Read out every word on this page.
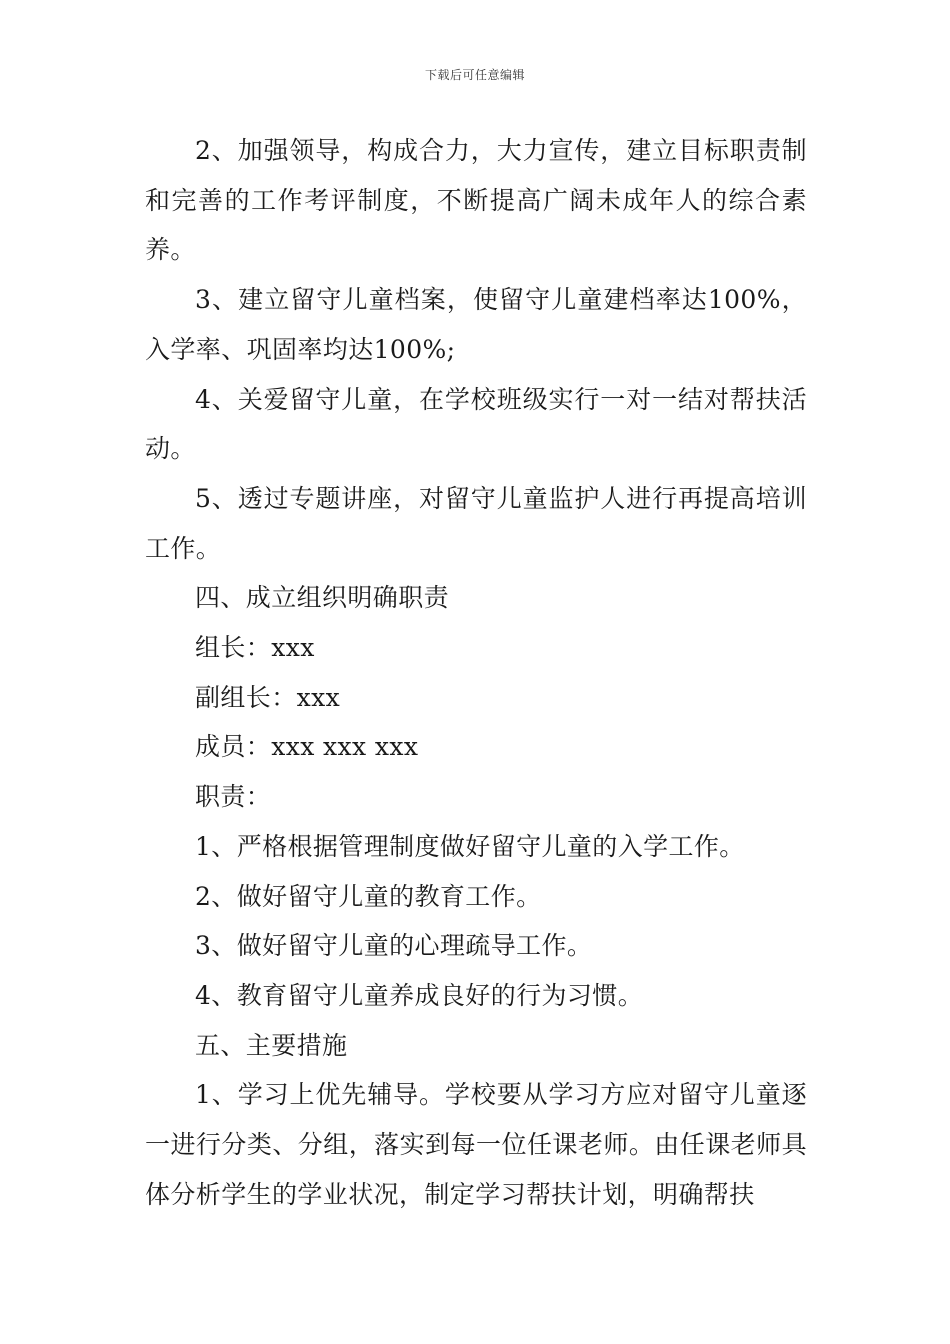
下载后可任意编辑

2、加强领导，构成合力，大力宣传，建立目标职责制和完善的工作考评制度，不断提高广阔未成年人的综合素养。

3、建立留守儿童档案，使留守儿童建档率达100%，入学率、巩固率均达100%;

4、关爱留守儿童，在学校班级实行一对一结对帮扶活动。

5、透过专题讲座，对留守儿童监护人进行再提高培训工作。

四、成立组织明确职责

组长：xxx

副组长：xxx

成员：xxx xxx xxx

职责：

1、严格根据管理制度做好留守儿童的入学工作。

2、做好留守儿童的教育工作。

3、做好留守儿童的心理疏导工作。

4、教育留守儿童养成良好的行为习惯。

五、主要措施

1、学习上优先辅导。学校要从学习方应对留守儿童逐一进行分类、分组，落实到每一位任课老师。由任课老师具体分析学生的学业状况，制定学习帮扶计划，明确帮扶
